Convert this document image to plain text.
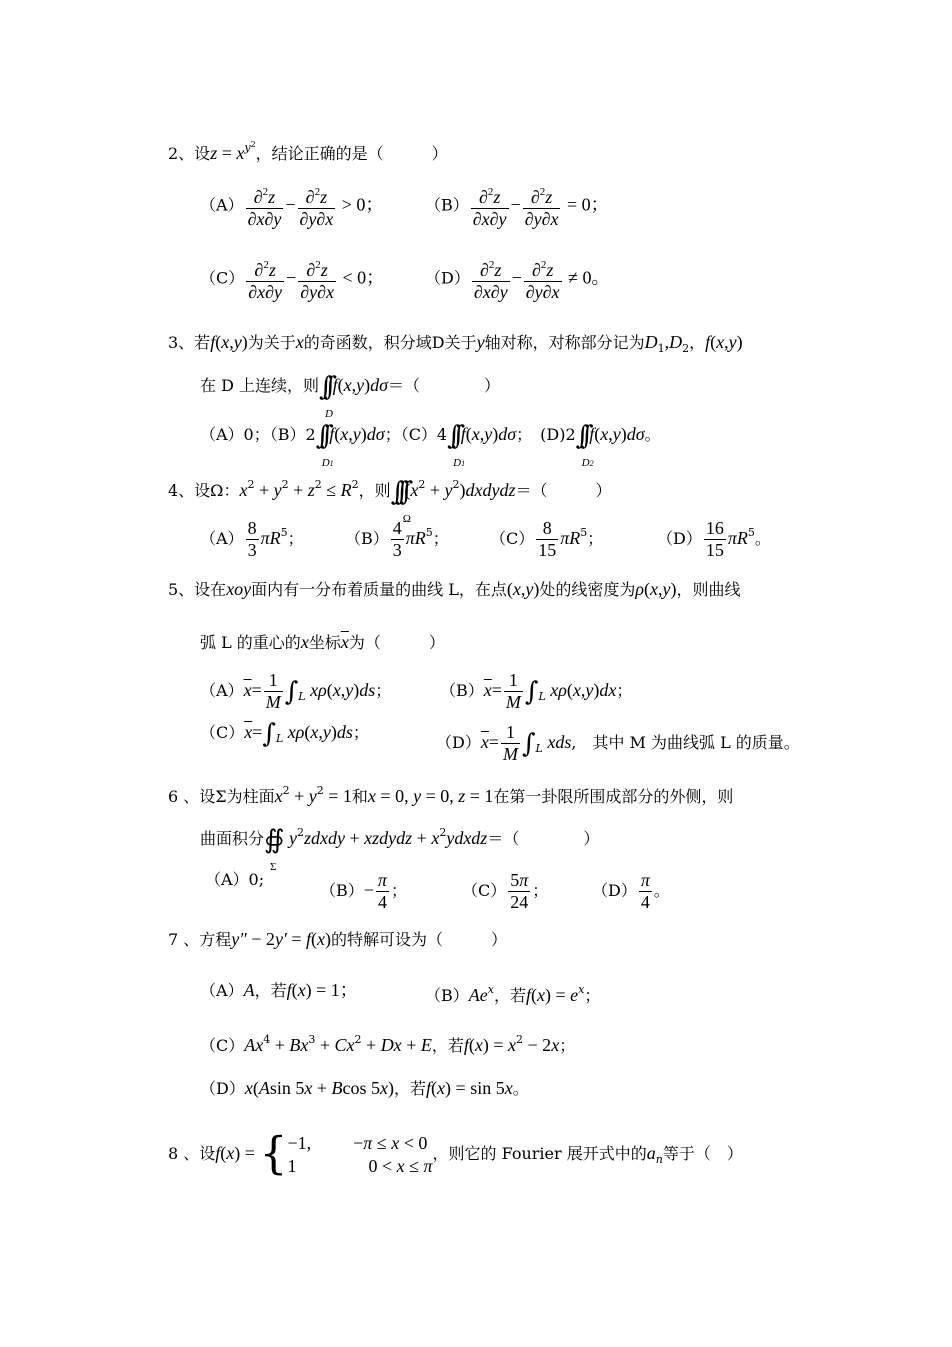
2、设$z = x^{y2}$，结论正确的是（　　　）
$(A) \frac{\partial^2z}{\partial x\partial y} - \frac{\partial^2z}{\partial y\partial x} > 0$；	$(B) \frac{\partial^2z}{\partial x\partial y} - \frac{\partial^2z}{\partial y\partial x} = 0$；
$(C) \frac{\partial^2z}{\partial x\partial y} - \frac{\partial^2z}{\partial y\partial x} < 0$；	$(D) \frac{\partial^2z}{\partial x\partial y} - \frac{\partial^2z}{\partial y\partial x} \ne 0$。
3、若f(x,y)为关于x的奇函数，积分域D关于y轴对称，对称部分记为$D_1,D_2$，f(x,y)
在 D 上连续，则∫∫
D
f(x,y)dσ＝（　　　　）
（A）0；（B）2∫∫
D1
f(x,y)dσ；（C）4∫∫
D1
f(x,y)dσ；　(D)2∫∫
D2
f(x,y)dσ。
4、设Ω：$x^2 + y^2 + z^2 \le R^2$，则∫∫∫
Ω
($x^2$ + $y^2)dxdydz=$（　　　）
$(A) \frac{8}{3} \pi R^5$；	$(B) \frac{4}{3} \pi R^5$；	$(C) \frac{8}{15} \pi R^5$；	$(D) \frac{16}{15} \pi R^5$。
5、设在xoy面内有一分布着质量的曲线 L，在点(x,y)处的线密度为ρ(x,y)，则曲线
弧 L 的重心的x坐标$\overline{x}$为（　　　）
$(A)\overline{x}= \frac{1}{M} \int_L$ xρ(x,y)ds；	$(B)\overline{x}= \frac{1}{M} \int_L$ xρ(x,y)dx；
$(C)\overline{x}=\int_L$ xρ(x,y)ds；
$(D)\overline{x}= \frac{1}{M} \int_L$ xds,　其中 M 为曲线弧 L 的质量。
6 、设Σ为柱面$x^2 + y^2 = 1$和x = 0, y = 0, z = 1在第一卦限所围成部分的外侧，则
曲面积分∯
Σ
$y^2zdxdy$ + xzdydz + $x^2ydxdz=$（　　　　）
（A）0;
$(B)- \frac{\pi}{4}$ ；	$(C) \frac{5\pi}{24}$ ；	$(D) \frac{\pi}{4}$ 。
7 、方程y″ − 2y′ = f(x)的特解可设为（　　　）
（A）A，若f(x) = 1；	（B）Ae$^x$，若$f(x) = e^x$；
$(C)Ax^4 + Bx^3 + Cx^2 + Dx + E$，若$f(x) = x^2 - 2x$；
（D）x(Asin 5x + Bcos 5x)，若f(x) = sin 5x。
8 、设f(x) = { −1, −π ≤ x < 0
1	0 < x ≤ π
，则它的 Fourier 展开式中的$a_n$等于（　）
